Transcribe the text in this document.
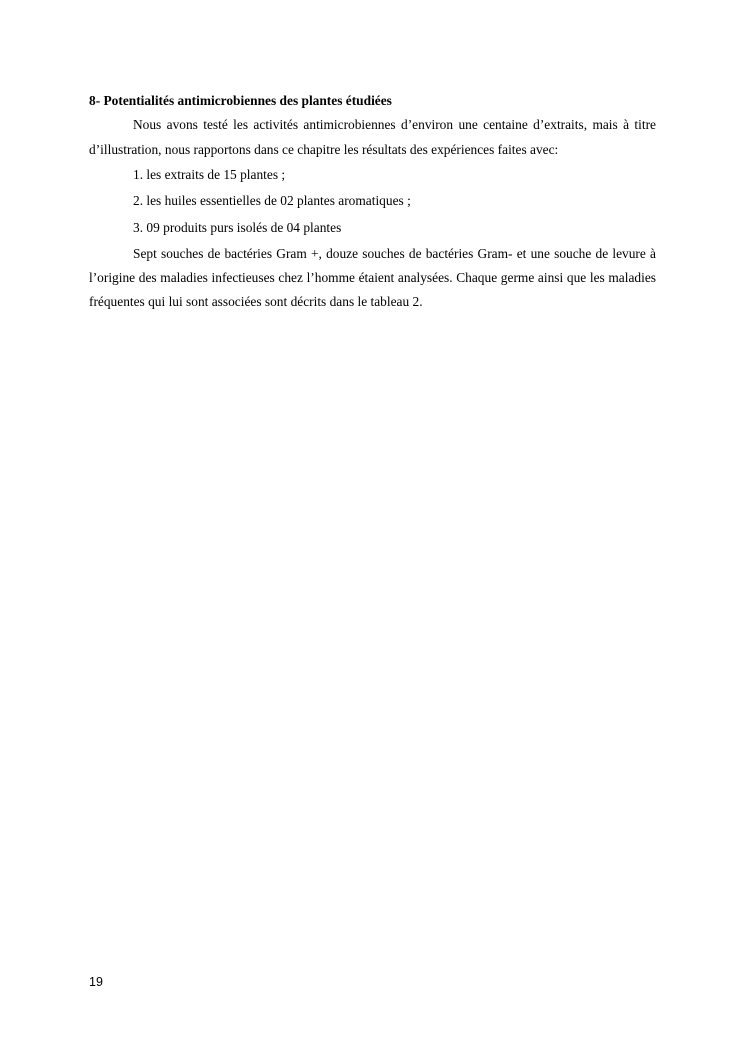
8- Potentialités antimicrobiennes des plantes étudiées

Nous avons testé les activités antimicrobiennes d’environ une centaine d’extraits, mais à titre d’illustration, nous rapportons dans ce chapitre les résultats des expériences faites avec:

1. les extraits de 15 plantes ;

2. les huiles essentielles de 02 plantes aromatiques ;

3. 09 produits purs isolés de 04 plantes

Sept souches de bactéries Gram +, douze souches de bactéries Gram- et une souche de levure à l’origine des maladies infectieuses chez l’homme étaient analysées. Chaque germe ainsi que les maladies fréquentes qui lui sont associées sont décrits dans le tableau 2.

19
